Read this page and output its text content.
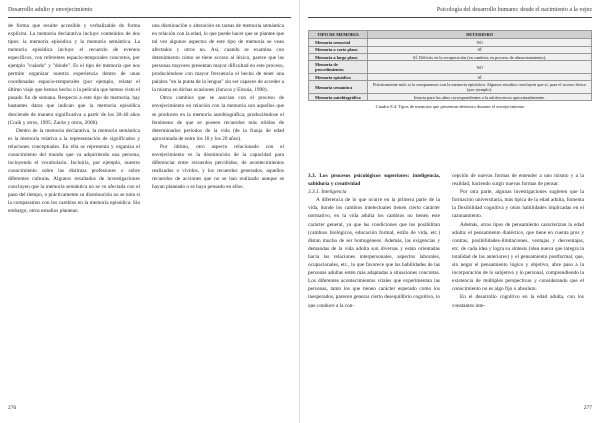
Desarrollo adulto y envejecimiento

de forma que resulte accesible y verbalizable de forma explícita. La memoria declarativa incluye contenidos de dos tipos: la memoria episódica y la memoria semántica. La memoria episódica incluye el recuerdo de eventos específicos, con referentes espacio-temporales concretos, por ejemplo "cuándo" y "dónde". Es el tipo de memoria que nos permite organizar nuestra experiencia dentro de unas coordenadas espacio-temporales (por ejemplo, relatar el último viaje que hemos hecho o la película que hemos visto el pasado fin de semana. Respecto a este tipo de memoria, hay bastantes datos que indican que la memoria episódica desciende de manera significativa a partir de los 30-40 años (Craik y otros, 1995; Zacks y otros, 2000).

Dentro de la memoria declarativa, la memoria semántica es la memoria relativa a la representación de significados y relaciones conceptuales. En ella se representa y organiza el conocimiento del mundo que va adquiriendo una persona, incluyendo el vocabulario. Incluiría, por ejemplo, nuestro conocimiento sobre las distintas profesiones o sobre diferentes culturas. Algunos resultados de investigaciones concluyen que la memoria semántica no se ve afectada con el paso del tiempo, o prácticamente su disminución no se nota si la comparamos con los cambios en la memoria episódica. Sin embargo, otros estudios plantean

una disminución o alteración en tareas de memoria semántica en relación con la edad, lo que puede hacer que se plantee que tal vez algunos aspectos de este tipo de memoria se vean afectados y otros no. Así, cuando se examina con detenimiento cómo se tiene acceso al léxico, parece que las personas mayores presentan mayor dificultad en este proceso, produciéndose con mayor frecuencia el hecho de tener una palabra "en la punta de la lengua" sin ser capaces de acceder a la misma en dichas ocasiones (Juncos y Elosúa, 1998).

Otros cambios que se asocian con el proceso de envejecimiento en relación con la memoria son aquellos que se producen en la memoria autobiográfica, produciéndose el fenómeno de que se poseen recuerdos más nítidos de determinados periodos de la vida (de la franja de edad aproximada de entre los 10 y los 20 años).

Por último, otro aspecto relacionado con el envejecimiento es la disminución de la capacidad para diferenciar entre recuerdos percibidos, de acontecimientos realizados o vividos, y los recuerdos generados, aquellos recuerdos de acciones que no se han realizado aunque se hayan planeado o se haya pensado en ellos.

276
Psicología del desarrollo humano: desde el nacimiento a la vejez
TIPO DE MEMORIA	DETERIORO
Memoria sensorial	NO
Memoria a corto plazo	SÍ
Memoria a largo plazo	SÍ. Déficits en la recuperación (en cambios en proceso de almacenamiento).
Memoria de procedimientos	NO
Memoria episódica	SÍ
Memoria semántica	Prácticamente nulo si la comparamos con la memoria episódica. Algunos estudios concluyen que sí, para el acceso léxico (por ejemplo).
Memoria autobiográfica	Intacta para los años correspondientes a la adolescencia aproximadamente.
Cuadro 8.4. Tipos de memoria que presentan deterioro durante el envejecimiento

3.3. Los procesos psicológicos superiores: inteligencia, sabiduría y creatividad

3.3.1. Inteligencia

A diferencia de lo que ocurre en la primera parte de la vida, donde los cambios intelectuales tienen cierto carácter normativo, en la vida adulta los cambios no tienen este carácter general, ya que las condiciones que los posibilitan (cambios biológicos, educación formal, estilo de vida, etc.) distan mucho de ser homogéneos. Además, las exigencias y demandas de la vida adulta son diversas y están orientadas hacia las relaciones interpersonales, aspectos laborales, ocupacionales, etc., lo que favorece que las habilidades de las personas adultas estén más adaptadas a situaciones concretas. Los diferentes acontecimientos vitales que experimentan las personas, tanto los que tienen carácter esperado como los inesperados, parecen generar cierto desequilibrio cognitivo, lo que conduce a la con-

cepción de nuevas formas de entender a uno mismo y a la realidad, haciendo surgir nuevas formas de pensar.

Por otra parte, algunas investigaciones sugieren que la formación universitaria, más típica de la edad adulta, fomenta la flexibilidad cognitiva y otras habilidades implicadas en el razonamiento.

Además, otros tipos de pensamiento caracterizan la edad adulta: el pensamiento dialéctico, que tiene en cuenta pros y contras, posibilidades-limitaciones, ventajas y desventajas, etc. de cada idea y logra su síntesis (idea nueva que integra la totalidad de las anteriores) y el pensamiento postformal, que, sin negar el pensamiento lógico y objetivo, abre paso a la incorporación de lo subjetivo y lo personal, comprendiendo la existencia de múltiples perspectivas y considerando que el conocimiento no es algo fijo o absoluto.

En el desarrollo cognitivo en la edad adulta, con los constantes inte-

277
